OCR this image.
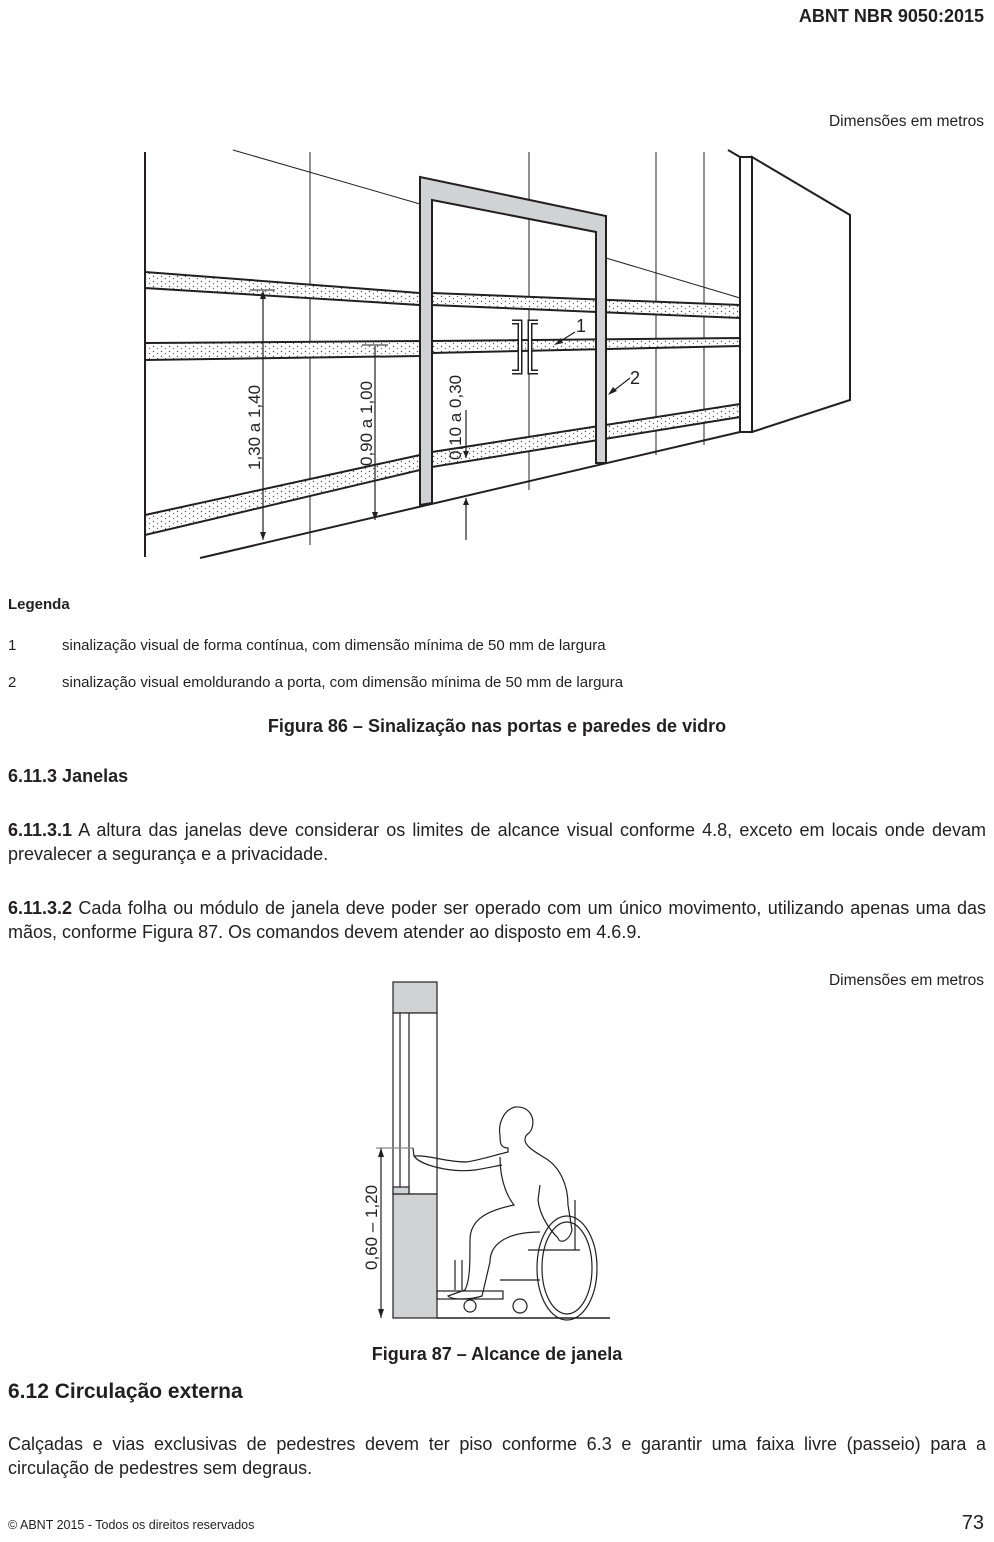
ABNT NBR 9050:2015
Dimensões em metros
1,30 a 1,40	0,90 a 1,00	0,10 a 0,30
1
2
Legenda
1	sinalização visual de forma contínua, com dimensão mínima de 50 mm de largura
2	sinalização visual emoldurando a porta, com dimensão mínima de 50 mm de largura
Figura 86 – Sinalização nas portas e paredes de vidro
6.11.3 Janelas
6.11.3.1 A altura das janelas deve considerar os limites de alcance visual conforme 4.8, exceto em locais onde devam prevalecer a segurança e a privacidade.
6.11.3.2 Cada folha ou módulo de janela deve poder ser operado com um único movimento, utilizando apenas uma das mãos, conforme Figura 87. Os comandos devem atender ao disposto em 4.6.9.
Dimensões em metros
0,60 – 1,20
Figura 87 – Alcance de janela
6.12 Circulação externa
Calçadas e vias exclusivas de pedestres devem ter piso conforme 6.3 e garantir uma faixa livre (passeio) para a circulação de pedestres sem degraus.
© ABNT 2015 - Todos os direitos reservados	73
